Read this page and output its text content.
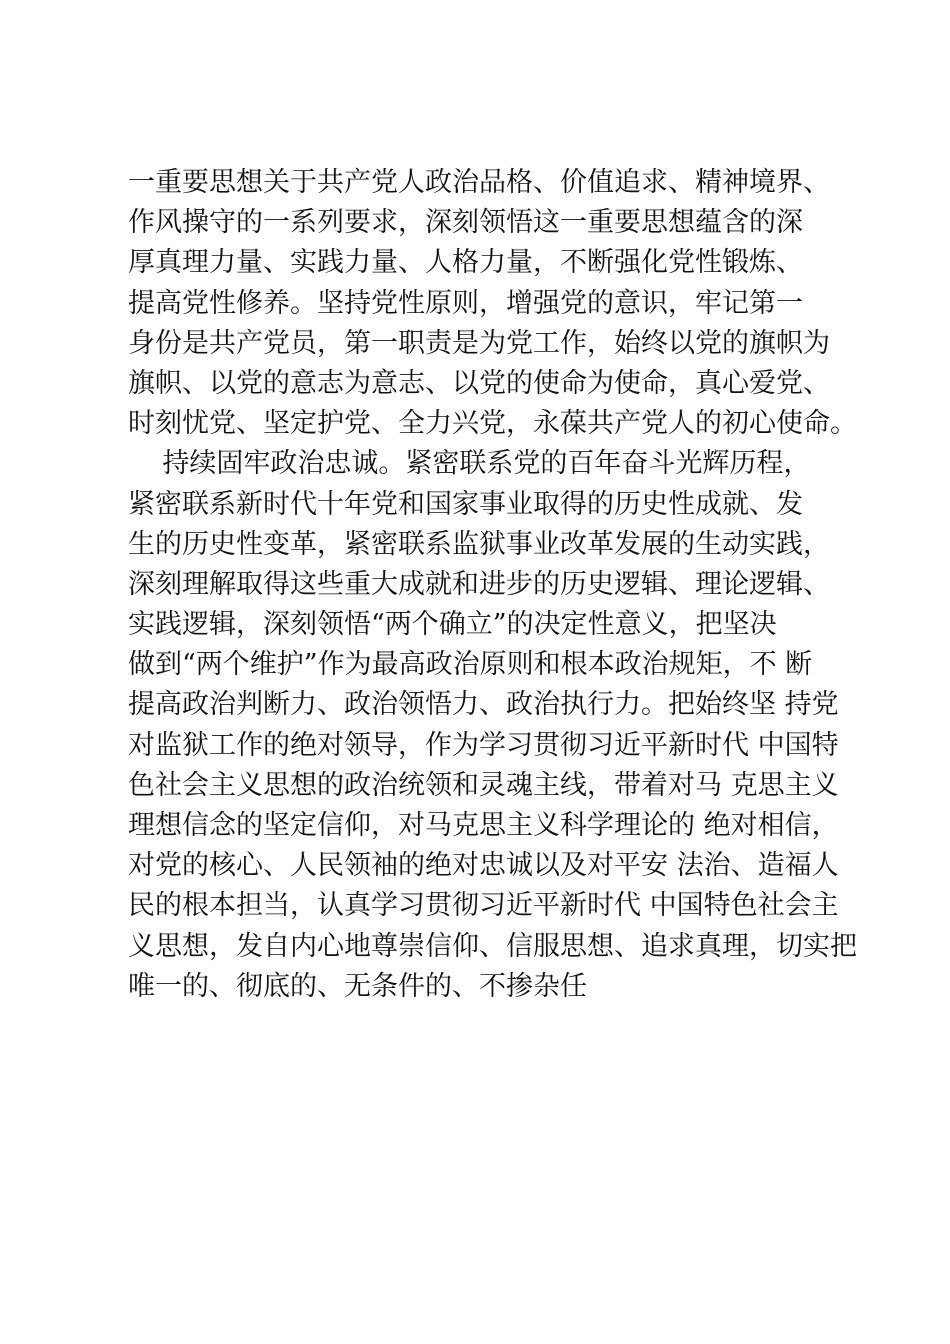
一重要思想关于共产党人政治品格、价值追求、精神境界、
作风操守的一系列要求，深刻领悟这一重要思想蕴含的深
厚真理力量、实践力量、人格力量，不断强化党性锻炼、
提高党性修养。坚持党性原则，增强党的意识，牢记第一
身份是共产党员，第一职责是为党工作，始终以党的旗帜为
旗帜、以党的意志为意志、以党的使命为使命，真心爱党、
时刻忧党、坚定护党、全力兴党，永葆共产党人的初心使命。
持续固牢政治忠诚。紧密联系党的百年奋斗光辉历程，
紧密联系新时代十年党和国家事业取得的历史性成就、发
生的历史性变革，紧密联系监狱事业改革发展的生动实践，
深刻理解取得这些重大成就和进步的历史逻辑、理论逻辑、
实践逻辑，深刻领悟“两个确立”的决定性意义，把坚决
做到“两个维护”作为最高政治原则和根本政治规矩，不 断
提高政治判断力、政治领悟力、政治执行力。把始终坚 持党
对监狱工作的绝对领导，作为学习贯彻习近平新时代 中国特
色社会主义思想的政治统领和灵魂主线，带着对马 克思主义
理想信念的坚定信仰，对马克思主义科学理论的 绝对相信，
对党的核心、人民领袖的绝对忠诚以及对平安 法治、造福人
民的根本担当，认真学习贯彻习近平新时代 中国特色社会主
义思想，发自内心地尊崇信仰、信服思想、追求真理，切实把
唯一的、彻底的、无条件的、不掺杂任
